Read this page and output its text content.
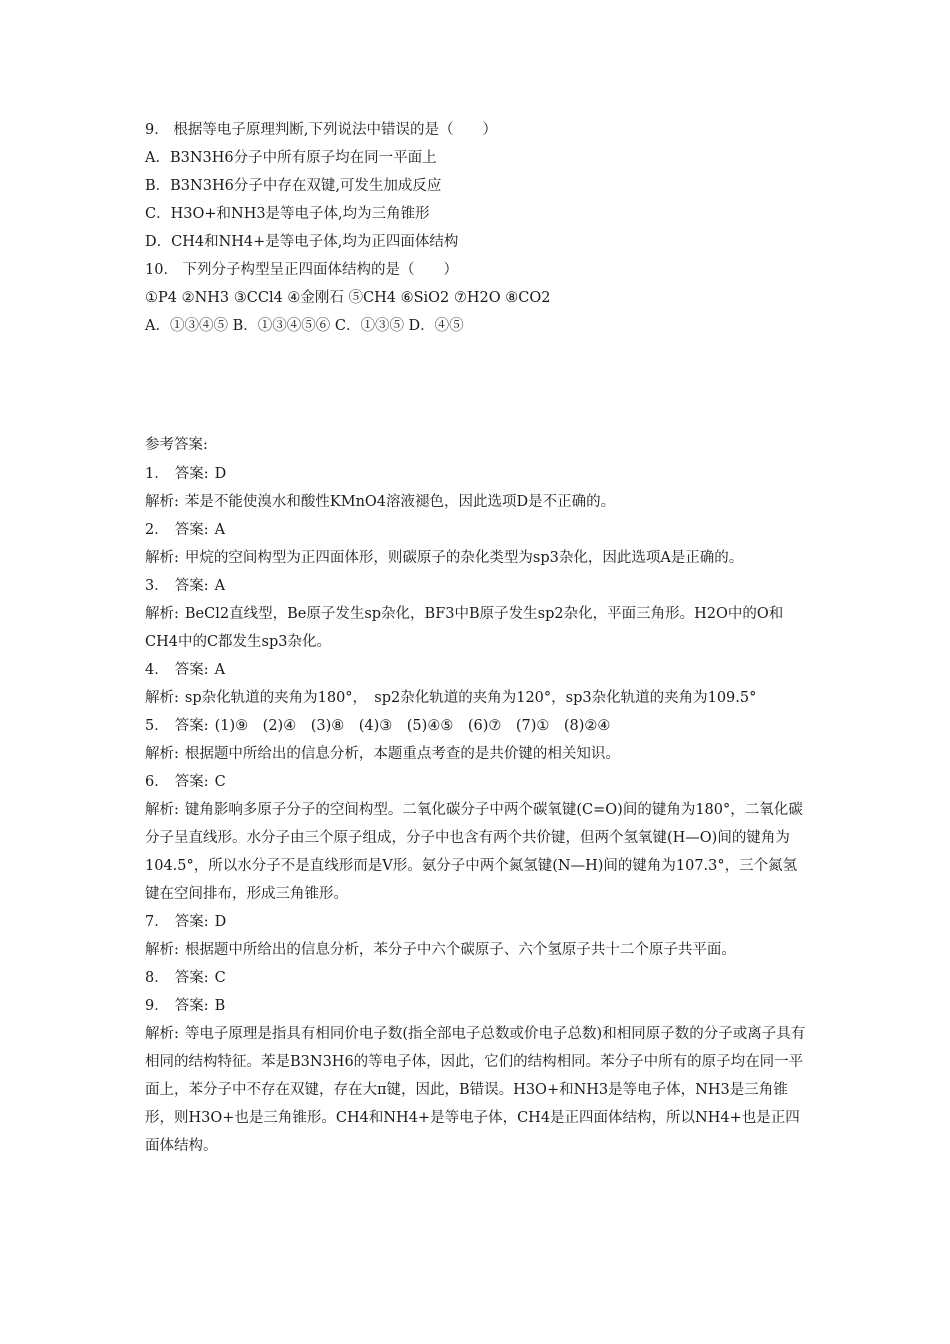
9． 根据等电子原理判断,下列说法中错误的是（　　）
A．B3N3H6分子中所有原子均在同一平面上
B．B3N3H6分子中存在双键,可发生加成反应
C．H3O+和NH3是等电子体,均为三角锥形
D．CH4和NH4+是等电子体,均为正四面体结构
10． 下列分子构型呈正四面体结构的是（　　）
①P4 ②NH3 ③CCl4 ④金刚石 ⑤CH4 ⑥SiO2 ⑦H2O ⑧CO2
A．①③④⑤ B．①③④⑤⑥ C．①③⑤ D．④⑤
参考答案:
1． 答案: D
解析: 苯是不能使溴水和酸性KMnO4溶液褪色，因此选项D是不正确的。
2． 答案: A
解析: 甲烷的空间构型为正四面体形，则碳原子的杂化类型为sp3杂化，因此选项A是正确的。
3． 答案: A
解析: BeCl2直线型，Be原子发生sp杂化，BF3中B原子发生sp2杂化，平面三角形。H2O中的O和CH4中的C都发生sp3杂化。
4． 答案: A
解析: sp杂化轨道的夹角为180°，　sp2杂化轨道的夹角为120°，sp3杂化轨道的夹角为109.5°
5． 答案: (1)⑨　(2)④　(3)⑧　(4)③　(5)④⑤　(6)⑦　(7)①　(8)②④
解析: 根据题中所给出的信息分析，本题重点考查的是共价键的相关知识。
6． 答案: C
解析: 键角影响多原子分子的空间构型。二氧化碳分子中两个碳氧键(C=O)间的键角为180°，二氧化碳分子呈直线形。水分子由三个原子组成，分子中也含有两个共价键，但两个氢氧键(H—O)间的键角为104.5°，所以水分子不是直线形而是V形。氨分子中两个氮氢键(N—H)间的键角为107.3°，三个氮氢键在空间排布，形成三角锥形。
7． 答案: D
解析: 根据题中所给出的信息分析，苯分子中六个碳原子、六个氢原子共十二个原子共平面。
8． 答案: C
9． 答案: B
解析: 等电子原理是指具有相同价电子数(指全部电子总数或价电子总数)和相同原子数的分子或离子具有相同的结构特征。苯是B3N3H6的等电子体，因此，它们的结构相同。苯分子中所有的原子均在同一平面上，苯分子中不存在双键，存在大π键，因此，B错误。H3O+和NH3是等电子体，NH3是三角锥形，则H3O+也是三角锥形。CH4和NH4+是等电子体，CH4是正四面体结构，所以NH4+也是正四面体结构。
